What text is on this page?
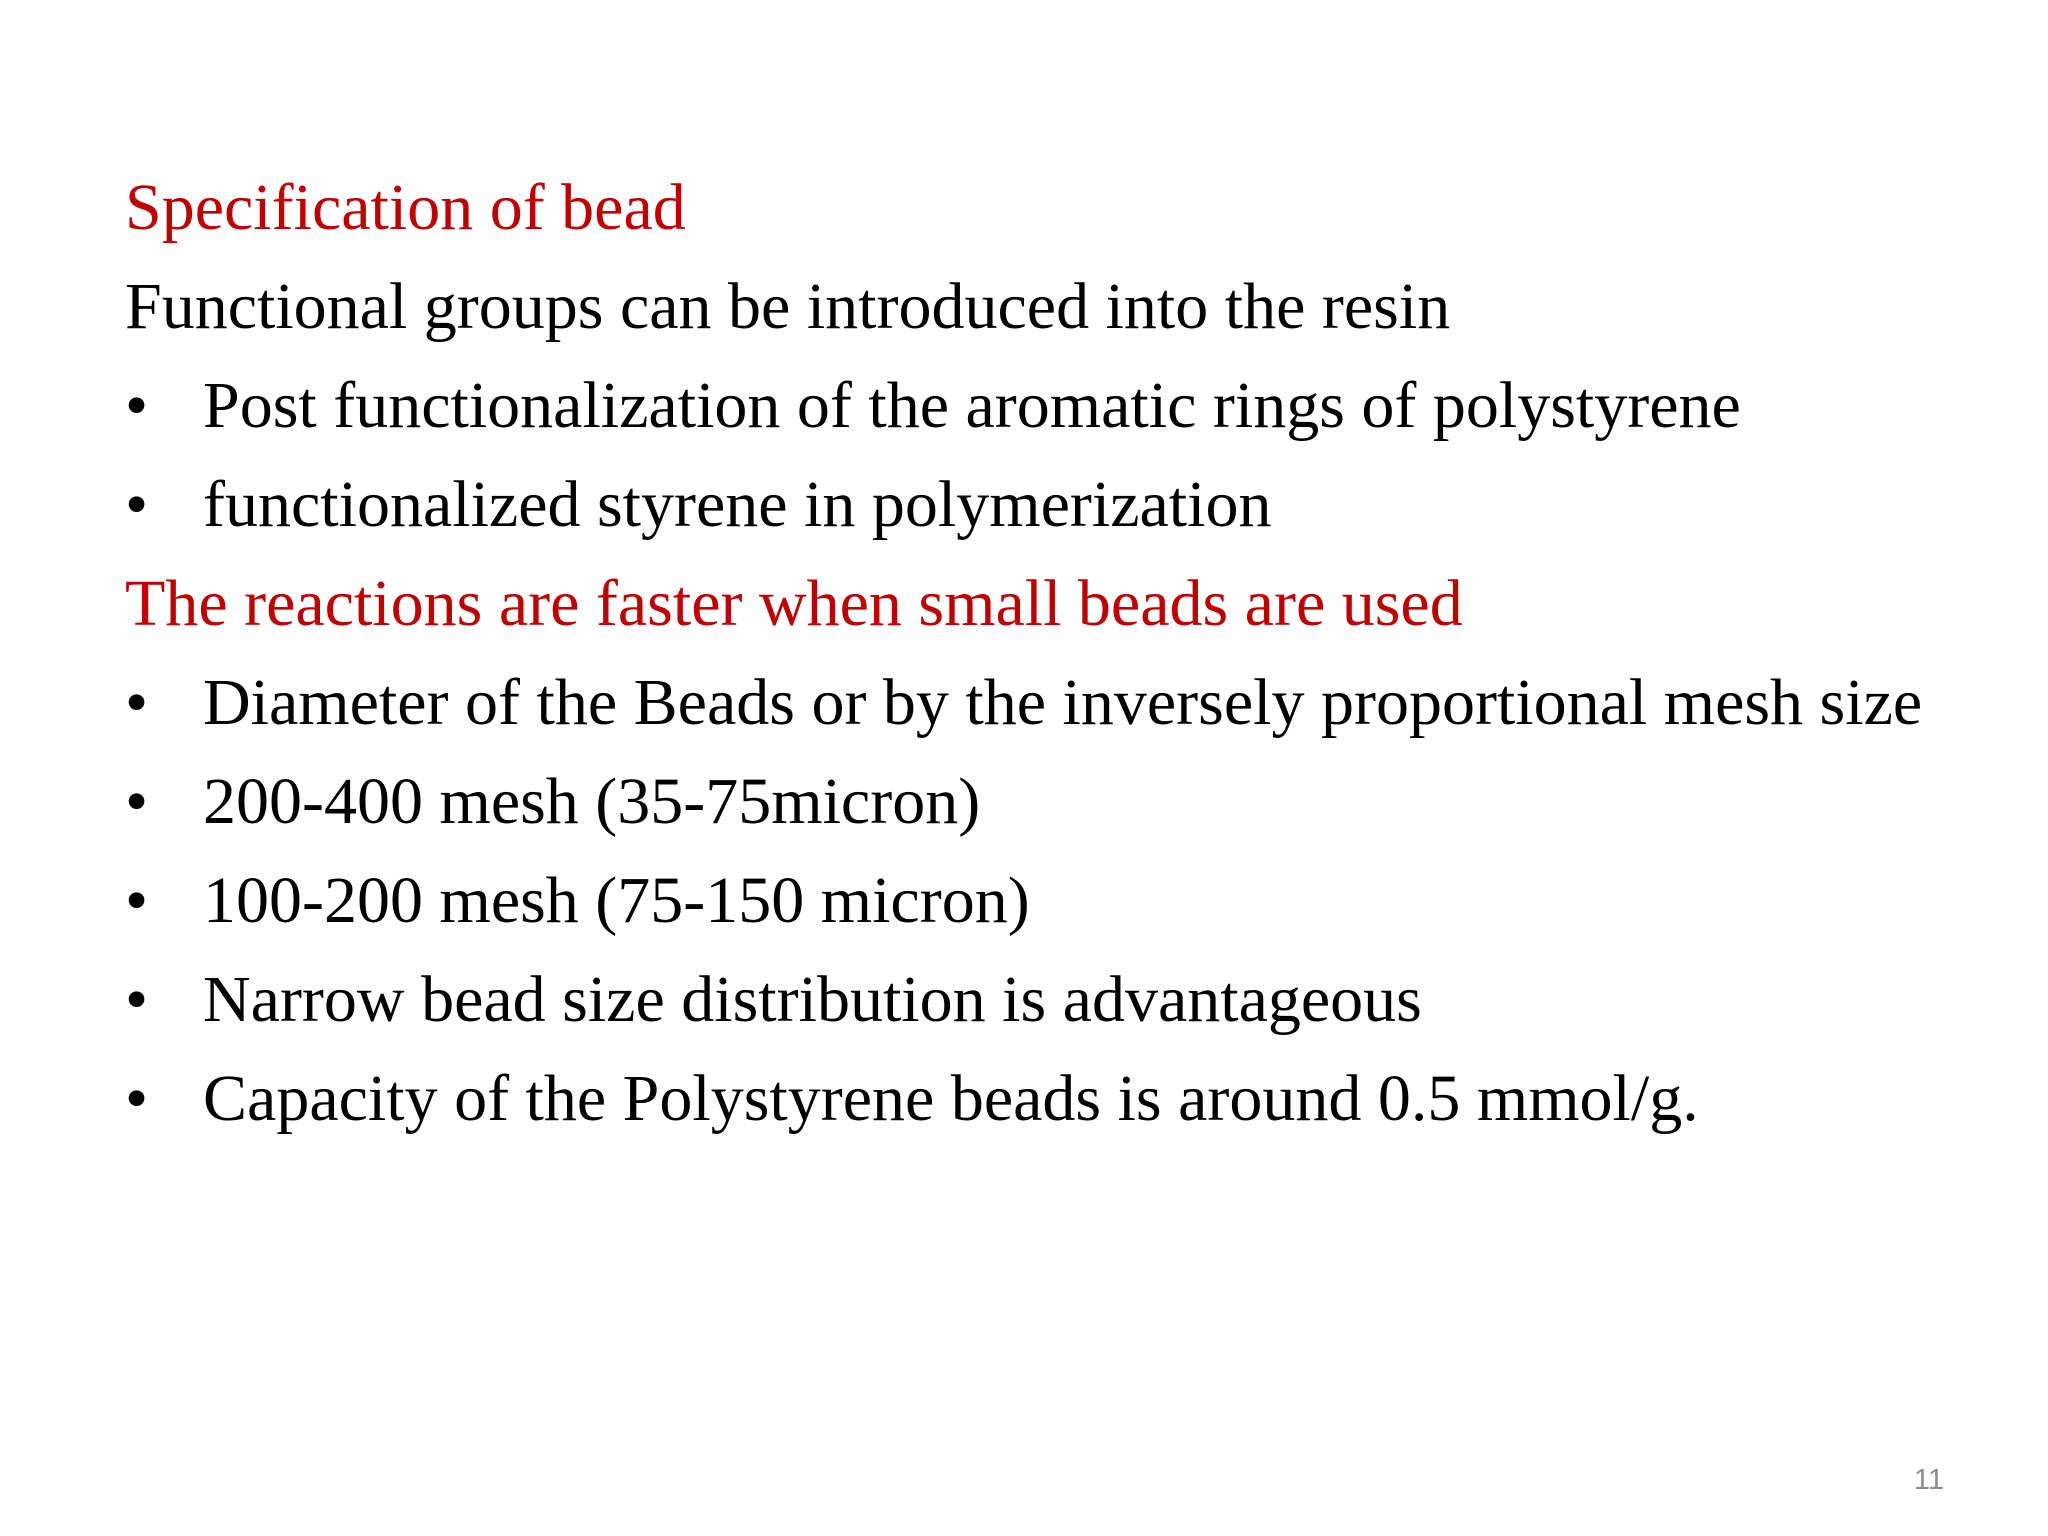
Specification of bead
Functional groups can be introduced into the resin
• Post functionalization of the aromatic rings of polystyrene
• functionalized styrene in polymerization
The reactions are faster when small beads are used
• Diameter of the Beads or by the inversely proportional mesh size
• 200-400 mesh (35-75micron)
• 100-200 mesh (75-150 micron)
• Narrow bead size distribution is advantageous
• Capacity of the Polystyrene beads is around 0.5 mmol/g.
11
